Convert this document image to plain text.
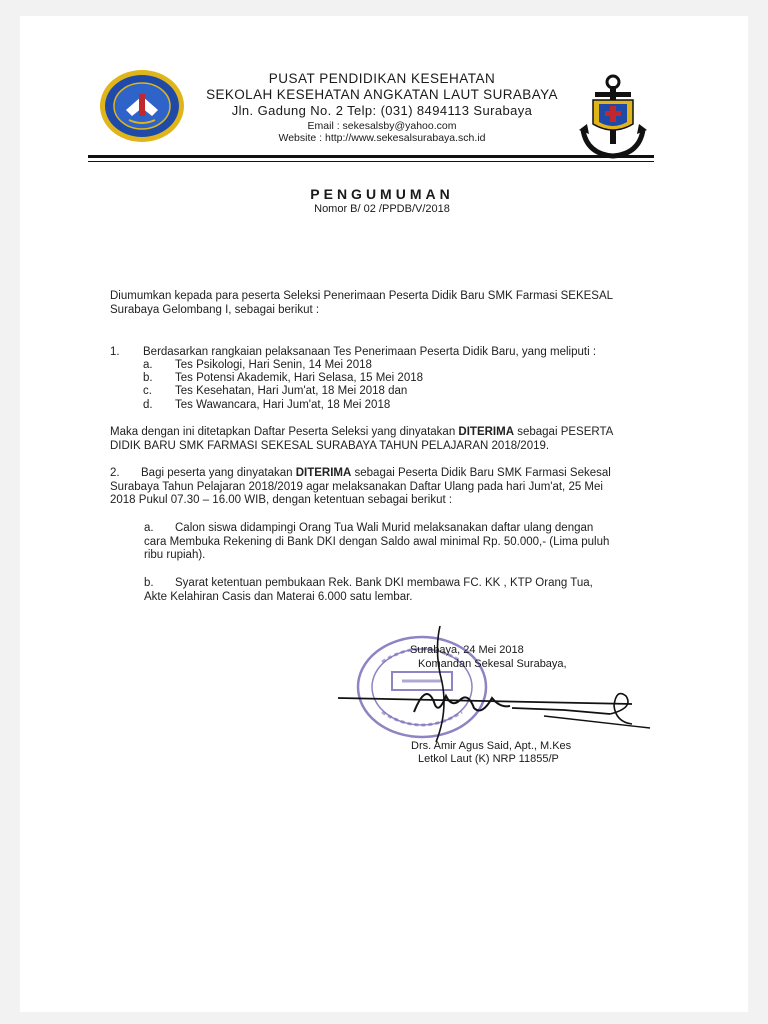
PUSAT PENDIDIKAN KESEHATAN
SEKOLAH KESEHATAN ANGKATAN LAUT SURABAYA
Jln. Gadung No. 2 Telp: (031) 8494113 Surabaya
Email : sekesalsby@yahoo.com
Website : http://www.sekesalsurabaya.sch.id
PENGUMUMAN
Nomor B/ 02 /PPDB/V/2018
Diumumkan kepada para peserta Seleksi Penerimaan Peserta Didik Baru SMK Farmasi SEKESAL
Surabaya Gelombang I, sebagai berikut :
1. Berdasarkan rangkaian pelaksanaan Tes Penerimaan Peserta Didik Baru, yang meliputi :
a. Tes Psikologi, Hari Senin, 14 Mei 2018
b. Tes Potensi Akademik, Hari Selasa, 15 Mei 2018
c. Tes Kesehatan, Hari Jum'at, 18 Mei 2018 dan
d. Tes Wawancara, Hari Jum'at, 18 Mei 2018
Maka dengan ini ditetapkan Daftar Peserta Seleksi yang dinyatakan DITERIMA sebagai PESERTA
DIDIK BARU SMK FARMASI SEKESAL SURABAYA TAHUN PELAJARAN 2018/2019.
2. Bagi peserta yang dinyatakan DITERIMA sebagai Peserta Didik Baru SMK Farmasi Sekesal
Surabaya Tahun Pelajaran 2018/2019 agar melaksanakan Daftar Ulang pada hari Jum'at, 25 Mei
2018 Pukul 07.30 – 16.00 WIB, dengan ketentuan sebagai berikut :
a. Calon siswa didampingi Orang Tua Wali Murid melaksanakan daftar ulang dengan
cara Membuka Rekening di Bank DKI dengan Saldo awal minimal Rp. 50.000,- (Lima puluh
ribu rupiah).
b. Syarat ketentuan pembukaan Rek. Bank DKI membawa FC. KK , KTP Orang Tua,
Akte Kelahiran Casis dan Materai 6.000 satu lembar.
Surabaya, 24 Mei 2018
Komandan Sekesal Surabaya,
Drs. Amir Agus Said, Apt., M.Kes
Letkol Laut (K) NRP 11855/P
